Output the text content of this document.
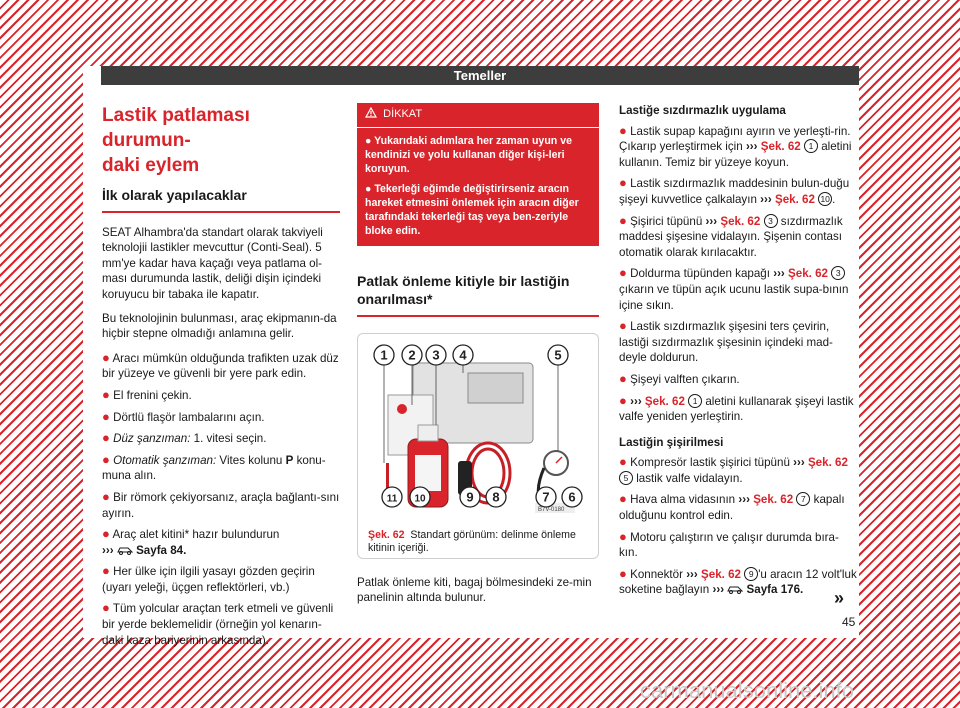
Temeller
Lastik patlaması durumun-
daki eylem
İlk olarak yapılacaklar

SEAT Alhambra'da standart olarak takviyeli teknolojii lastikler mevcuttur (Conti-Seal). 5 mm'ye kadar hava kaçağı veya patlama ol-ması durumunda lastik, deliği dişin içindeki koruyucu bir tabaka ile kapatır.

Bu teknolojinin bulunması, araç ekipmanın-da hiçbir stepne olmadığı anlamına gelir.

● Aracı mümkün olduğunda trafikten uzak düz bir yüzeye ve güvenli bir yere park edin.
● El frenini çekin.
● Dörtlü flaşör lambalarını açın.
● Düz şanzıman: 1. vitesi seçin.
● Otomatik şanzıman: Vites kolunu P konu-muna alın.
● Bir römork çekiyorsanız, araçla bağlantı-sını ayırın.
● Araç alet kitini* hazır bulundurun
››› Sayfa 84.
● Her ülke için ilgili yasayı gözden geçirin (uyarı yeleği, üçgen reflektörleri, vb.)
● Tüm yolcular araçtan terk etmeli ve güvenli bir yerde beklemelidir (örneğin yol kenarın-daki kaza bariyerinin arkasında).
DİKKAT

● Yukarıdaki adımlara her zaman uyun ve kendinizi ve yolu kullanan diğer kişi-leri koruyun.

● Tekerleği eğimde değiştirirseniz aracın hareket etmesini önlemek için aracın diğer tarafındaki tekerleği taş veya ben-zeriyle bloke edin.

Patlak önleme kitiyle bir lastiğin
onarılması*
B7V-0180
1 2 3 4	5
6
7
8
9
10
11
Şek. 62 Standart görünüm: delinme önleme kitinin içeriği.

Patlak önleme kiti, bagaj bölmesindeki ze-min panelinin altında bulunur.

Lastiğe sızdırmazlık uygulama
● Lastik supap kapağını ayırın ve yerleşti-rin. Çıkarıp yerleştirmek için ››› Şek. 62 1 aletini kullanın. Temiz bir yüzeye koyun.
● Lastik sızdırmazlık maddesinin bulun-duğu şişeyi kuvvetlice çalkalayın ››› Şek. 62 10 .
● Şişirici tüpünü ››› Şek. 62 3 sızdırmazlık maddesi şişesine vidalayın. Şişenin contası otomatik olarak kırılacaktır.
● Doldurma tüpünden kapağı ››› Şek. 62 3 çıkarın ve tüpün açık ucunu lastik supa-bının içine sıkın.
● Lastik sızdırmazlık şişesini ters çevirin, lastiği sızdırmazlık şişesinin içindeki mad-deyle doldurun.
● Şişeyi valften çıkarın.
● ››› Şek. 62 1 aletini kullanarak şişeyi lastik valfe yeniden yerleştirin.
Lastiğin şişirilmesi
● Kompresör lastik şişirici tüpünü ››› Şek. 62 5 lastik valfe vidalayın.
● Hava alma vidasının ››› Şek. 62 7 kapalı olduğunu kontrol edin.
● Motoru çalıştırın ve çalışır durumda bıra-kın.
● Konnektör ››› Şek. 62 9 'u aracın 12 volt'luk soketine bağlayın ››› Sayfa 176.	»
45
carmanualsonline.info
